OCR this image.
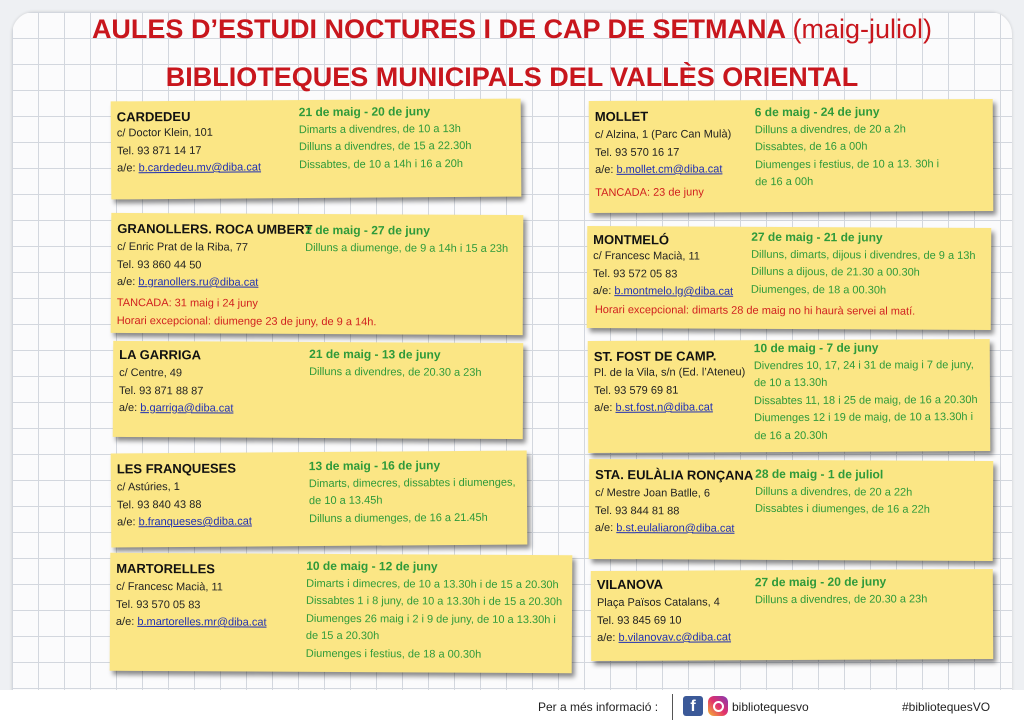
AULES D’ESTUDI NOCTURES I DE CAP DE SETMANA (maig-juliol)
BIBLIOTEQUES MUNICIPALS DEL VALLÈS ORIENTAL
CARDEDEU
c/ Doctor Klein, 101
Tel. 93 871 14 17
a/e: b.cardedeu.mv@diba.cat
21 de maig - 20 de juny
Dimarts a divendres, de 10 a 13h
Dilluns a divendres, de 15 a 22.30h
Dissabtes, de 10 a 14h i 16 a 20h
GRANOLLERS. ROCA UMBERT
c/ Enric Prat de la Riba, 77
Tel. 93 860 44 50
a/e: b.granollers.ru@diba.cat
2 de maig - 27 de juny
Dilluns a diumenge, de 9 a 14h i 15 a 23h
TANCADA: 31 maig i 24 juny
Horari excepcional: diumenge 23 de juny, de 9 a 14h.
LA GARRIGA
c/ Centre, 49
Tel. 93 871 88 87
a/e: b.garriga@diba.cat
21 de maig - 13 de juny
Dilluns a divendres, de 20.30 a 23h
LES FRANQUESES
c/ Astúries, 1
Tel. 93 840 43 88
a/e: b.franqueses@diba.cat
13 de maig - 16 de juny
Dimarts, dimecres, dissabtes i diumenges,
de 10 a 13.45h
Dilluns a diumenges, de 16 a 21.45h
MARTORELLES
c/ Francesc Macià, 11
Tel. 93 570 05 83
a/e: b.martorelles.mr@diba.cat
10 de maig - 12 de juny
Dimarts i dimecres, de 10 a 13.30h i de 15 a 20.30h
Dissabtes 1 i 8 juny, de 10 a 13.30h i de 15 a 20.30h
Diumenges 26 maig i 2 i 9 de juny, de 10 a 13.30h i
de 15 a 20.30h
Diumenges i festius, de 18 a 00.30h
MOLLET
c/ Alzina, 1 (Parc Can Mulà)
Tel. 93 570 16 17
a/e: b.mollet.cm@diba.cat
TANCADA: 23 de juny
6 de maig - 24 de juny
Dilluns a divendres, de 20 a 2h
Dissabtes, de 16 a 00h
Diumenges i festius, de 10 a 13. 30h i
de 16 a 00h
MONTMELÓ
c/ Francesc Macià, 11
Tel. 93 572 05 83
a/e: b.montmelo.lg@diba.cat
27 de maig - 21 de juny
Dilluns, dimarts, dijous i divendres, de 9 a 13h
Dilluns a dijous, de 21.30 a 00.30h
Diumenges, de 18 a 00.30h
Horari excepcional: dimarts 28 de maig no hi haurà servei al matí.
ST. FOST DE CAMP.
Pl. de la Vila, s/n (Ed. l’Ateneu)
Tel. 93 579 69 81
a/e: b.st.fost.n@diba.cat
10 de maig - 7 de juny
Divendres 10, 17, 24 i 31 de maig i 7 de juny,
de 10 a 13.30h
Dissabtes 11, 18 i 25 de maig, de 16 a 20.30h
Diumenges 12 i 19 de maig, de 10 a 13.30h i
de 16 a 20.30h
STA. EULÀLIA RONÇANA
c/ Mestre Joan Batlle, 6
Tel. 93 844 81 88
a/e: b.st.eulaliaron@diba.cat
28 de maig - 1 de juliol
Dilluns a divendres, de 20 a 22h
Dissabtes i diumenges, de 16 a 22h
VILANOVA
Plaça Països Catalans, 4
Tel. 93 845 69 10
a/e: b.vilanovav.c@diba.cat
27 de maig - 20 de juny
Dilluns a divendres, de 20.30 a 23h
Per a més informació :	f	bibliotequesvo	#bibliotequesVO
